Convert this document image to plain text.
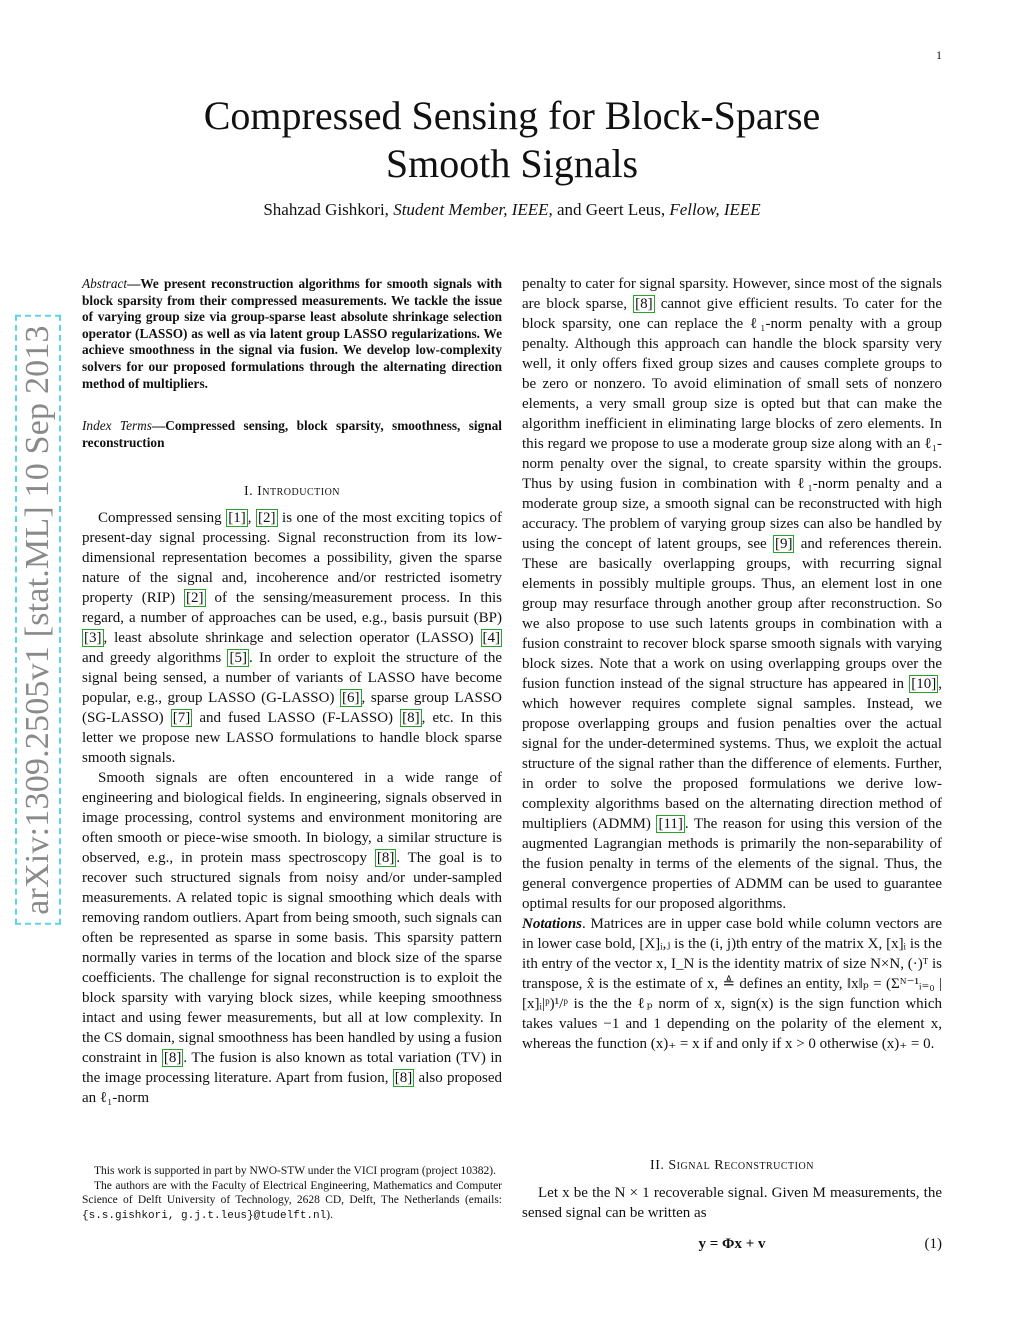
1
arXiv:1309.2505v1 [stat.ML] 10 Sep 2013
Compressed Sensing for Block-Sparse
Smooth Signals
Shahzad Gishkori, Student Member, IEEE, and Geert Leus, Fellow, IEEE
Abstract—We present reconstruction algorithms for smooth signals with block sparsity from their compressed measurements. We tackle the issue of varying group size via group-sparse least absolute shrinkage selection operator (LASSO) as well as via latent group LASSO regularizations. We achieve smoothness in the signal via fusion. We develop low-complexity solvers for our proposed formulations through the alternating direction method of multipliers.
Index Terms—Compressed sensing, block sparsity, smoothness, signal reconstruction
I. Introduction

Compressed sensing [1] , [2] is one of the most exciting topics of present-day signal processing. Signal reconstruction from its low-dimensional representation becomes a possibility, given the sparse nature of the signal and, incoherence and/or restricted isometry property (RIP) [2] of the sensing/measurement process. In this regard, a number of approaches can be used, e.g., basis pursuit (BP) [3] , least absolute shrinkage and selection operator (LASSO) [4] and greedy algorithms [5] . In order to exploit the structure of the signal being sensed, a number of variants of LASSO have become popular, e.g., group LASSO (G-LASSO) [6] , sparse group LASSO (SG-LASSO) [7] and fused LASSO (F-LASSO) [8] , etc. In this letter we propose new LASSO formulations to handle block sparse smooth signals.

Smooth signals are often encountered in a wide range of engineering and biological fields. In engineering, signals observed in image processing, control systems and environment monitoring are often smooth or piece-wise smooth. In biology, a similar structure is observed, e.g., in protein mass spectroscopy [8] . The goal is to recover such structured signals from noisy and/or under-sampled measurements. A related topic is signal smoothing which deals with removing random outliers. Apart from being smooth, such signals can often be represented as sparse in some basis. This sparsity pattern normally varies in terms of the location and block size of the sparse coefficients. The challenge for signal reconstruction is to exploit the block sparsity with varying block sizes, while keeping smoothness intact and using fewer measurements, but all at low complexity. In the CS domain, signal smoothness has been handled by using a fusion constraint in [8] . The fusion is also known as total variation (TV) in the image processing literature. Apart from fusion, [8] also proposed an ℓ₁-norm

This work is supported in part by NWO-STW under the VICI program (project 10382).

The authors are with the Faculty of Electrical Engineering, Mathematics and Computer Science of Delft University of Technology, 2628 CD, Delft, The Netherlands (emails: {s.s.gishkori, g.j.t.leus}@tudelft.nl).

penalty to cater for signal sparsity. However, since most of the signals are block sparse, [8] cannot give efficient results. To cater for the block sparsity, one can replace the ℓ₁-norm penalty with a group penalty. Although this approach can handle the block sparsity very well, it only offers fixed group sizes and causes complete groups to be zero or nonzero. To avoid elimination of small sets of nonzero elements, a very small group size is opted but that can make the algorithm inefficient in eliminating large blocks of zero elements. In this regard we propose to use a moderate group size along with an ℓ₁-norm penalty over the signal, to create sparsity within the groups. Thus by using fusion in combination with ℓ₁-norm penalty and a moderate group size, a smooth signal can be reconstructed with high accuracy. The problem of varying group sizes can also be handled by using the concept of latent groups, see [9] and references therein. These are basically overlapping groups, with recurring signal elements in possibly multiple groups. Thus, an element lost in one group may resurface through another group after reconstruction. So we also propose to use such latents groups in combination with a fusion constraint to recover block sparse smooth signals with varying block sizes. Note that a work on using overlapping groups over the fusion function instead of the signal structure has appeared in [10] , which however requires complete signal samples. Instead, we propose overlapping groups and fusion penalties over the actual signal for the under-determined systems. Thus, we exploit the actual structure of the signal rather than the difference of elements. Further, in order to solve the proposed formulations we derive low-complexity algorithms based on the alternating direction method of multipliers (ADMM) [11] . The reason for using this version of the augmented Lagrangian methods is primarily the non-separability of the fusion penalty in terms of the elements of the signal. Thus, the general convergence properties of ADMM can be used to guarantee optimal results for our proposed algorithms.

Notations. Matrices are in upper case bold while column vectors are in lower case bold, [X]ᵢ,ⱼ is the (i, j)th entry of the matrix X, [x]ᵢ is the ith entry of the vector x, I_N is the identity matrix of size N×N, (·)ᵀ is transpose, x̂ is the estimate of x, ≜ defines an entity, ‖x‖ₚ = (Σᴺ⁻¹ᵢ₌₀ |[x]ᵢ|ᵖ)¹/ᵖ is the the ℓₚ norm of x, sign(x) is the sign function which takes values −1 and 1 depending on the polarity of the element x, whereas the function (x)₊ = x if and only if x > 0 otherwise (x)₊ = 0.

II. Signal Reconstruction

Let x be the N × 1 recoverable signal. Given M measurements, the sensed signal can be written as

y = Φx + v	(1)
